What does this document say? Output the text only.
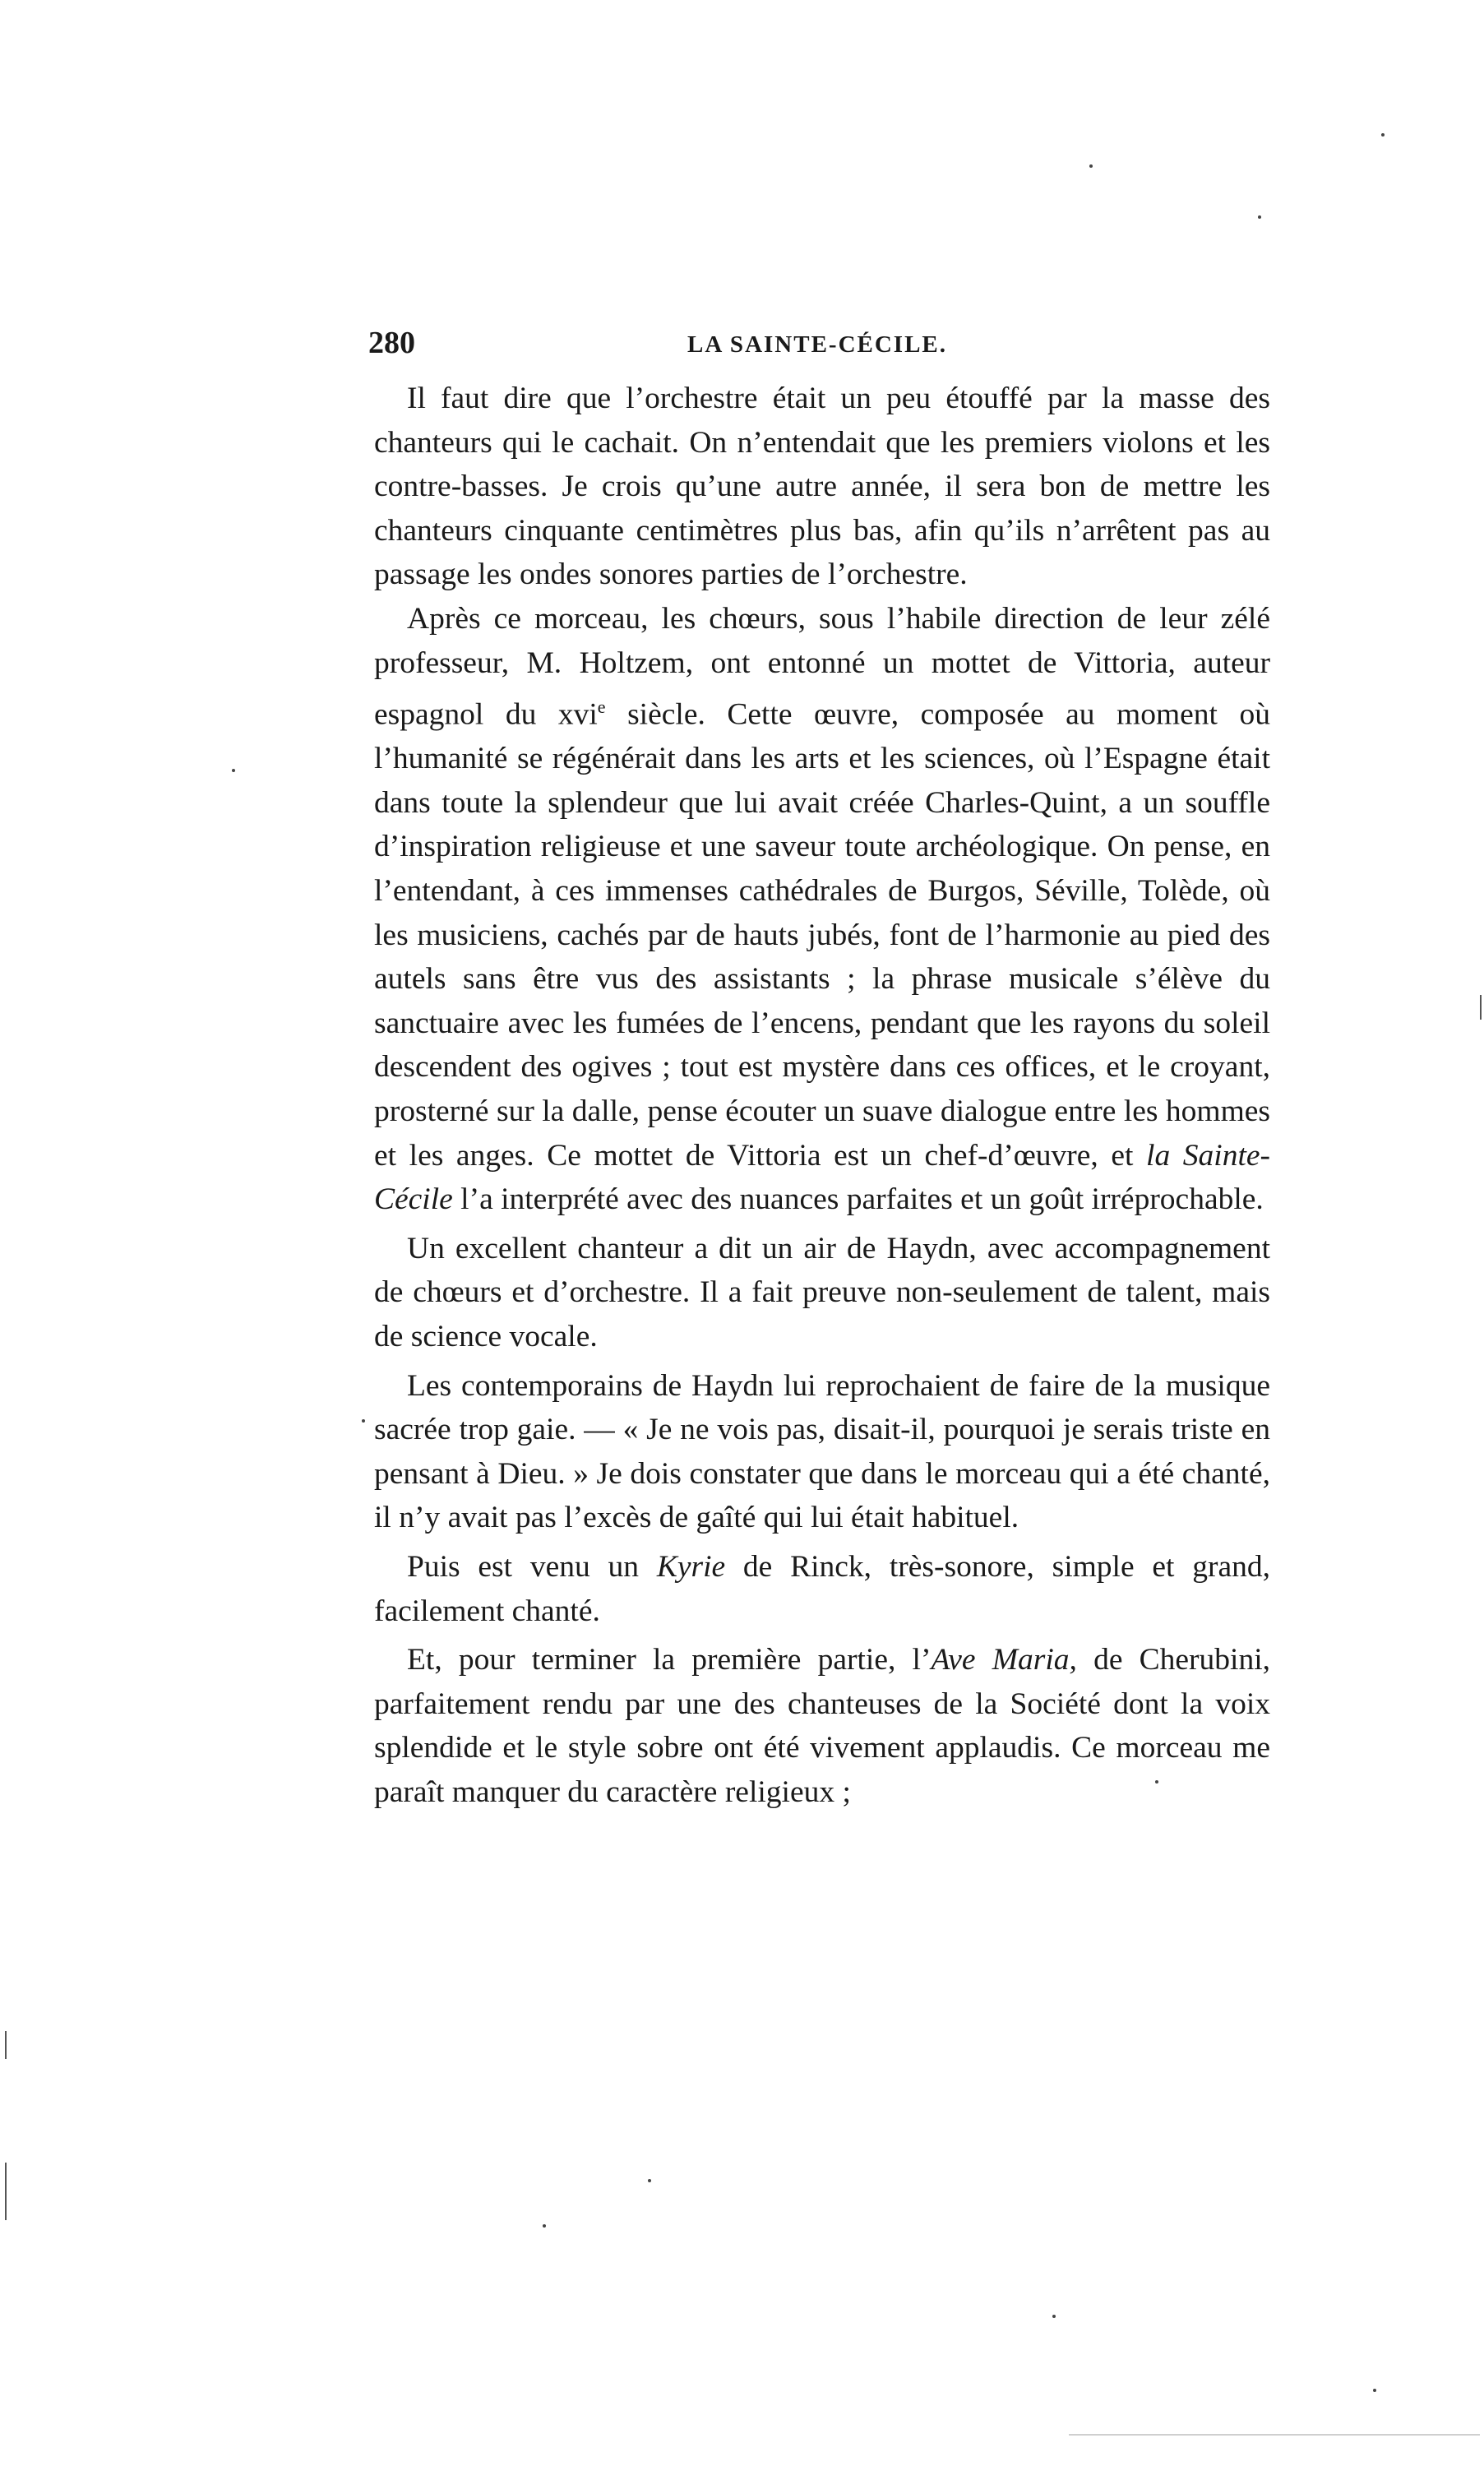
280	LA SAINTE-CÉCILE.

Il faut dire que l’orchestre était un peu étouffé par la masse des chanteurs qui le cachait. On n’entendait que les premiers violons et les contre-basses. Je crois qu’une autre année, il sera bon de mettre les chanteurs cinquante centimètres plus bas, afin qu’ils n’arrêtent pas au passage les ondes sonores parties de l’orchestre.

Après ce morceau, les chœurs, sous l’habile direction de leur zélé professeur, M. Holtzem, ont entonné un mottet de Vittoria, auteur espagnol du xvi$^e$ siècle. Cette œuvre, composée au moment où l’humanité se régénérait dans les arts et les sciences, où l’Espagne était dans toute la splendeur que lui avait créée Charles-Quint, a un souffle d’inspiration religieuse et une saveur toute archéologique. On pense, en l’entendant, à ces immenses cathédrales de Burgos, Séville, Tolède, où les musiciens, cachés par de hauts jubés, font de l’harmonie au pied des autels sans être vus des assistants ; la phrase musicale s’élève du sanctuaire avec les fumées de l’encens, pendant que les rayons du soleil descendent des ogives ; tout est mystère dans ces offices, et le croyant, prosterné sur la dalle, pense écouter un suave dialogue entre les hommes et les anges. Ce mottet de Vittoria est un chef-d’œuvre, et la Sainte-Cécile l’a interprété avec des nuances parfaites et un goût irréprochable.

Un excellent chanteur a dit un air de Haydn, avec accompagnement de chœurs et d’orchestre. Il a fait preuve non-seulement de talent, mais de science vocale.

Les contemporains de Haydn lui reprochaient de faire de la musique sacrée trop gaie. — « Je ne vois pas, disait-il, pourquoi je serais triste en pensant à Dieu. » Je dois constater que dans le morceau qui a été chanté, il n’y avait pas l’excès de gaîté qui lui était habituel.

Puis est venu un Kyrie de Rinck, très-sonore, simple et grand, facilement chanté.

Et, pour terminer la première partie, l’Ave Maria, de Cherubini, parfaitement rendu par une des chanteuses de la Société dont la voix splendide et le style sobre ont été vivement applaudis. Ce morceau me paraît manquer du caractère religieux ;
